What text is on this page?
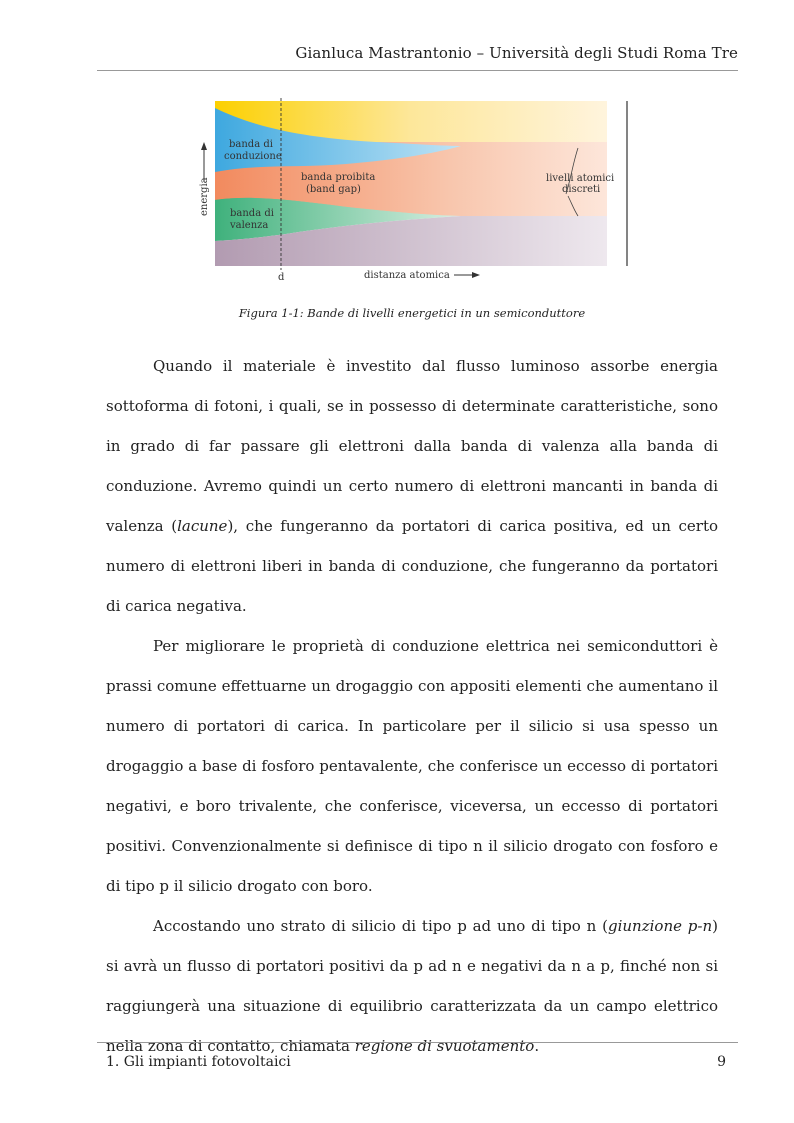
Gianluca Mastrantonio – Università degli Studi Roma Tre
energia
banda di
conduzione
banda proibita
(band gap)
banda di
valenza
livelli atomici
discreti
d	distanza atomica
Figura 1-1: Bande di livelli energetici in un semiconduttore

Quando il materiale è investito dal flusso luminoso assorbe energia sottoforma di fotoni, i quali, se in possesso di determinate caratteristiche, sono in grado di far passare gli elettroni dalla banda di valenza alla banda di conduzione. Avremo quindi un certo numero di elettroni mancanti in banda di valenza (lacune), che fungeranno da portatori di carica positiva, ed un certo numero di elettroni liberi in banda di conduzione, che fungeranno da portatori di carica negativa.

Per migliorare le proprietà di conduzione elettrica nei semiconduttori è prassi comune effettuarne un drogaggio con appositi elementi che aumentano il numero di portatori di carica. In particolare per il silicio si usa spesso un drogaggio a base di fosforo pentavalente, che conferisce un eccesso di portatori negativi, e boro trivalente, che conferisce, viceversa, un eccesso di portatori positivi. Convenzionalmente si definisce di tipo n il silicio drogato con fosforo e di tipo p il silicio drogato con boro.

Accostando uno strato di silicio di tipo p ad uno di tipo n (giunzione p-n) si avrà un flusso di portatori positivi da p ad n e negativi da n a p, finché non si raggiungerà una situazione di equilibrio caratterizzata da un campo elettrico nella zona di contatto, chiamata regione di svuotamento.

1. Gli impianti fotovoltaici	9
